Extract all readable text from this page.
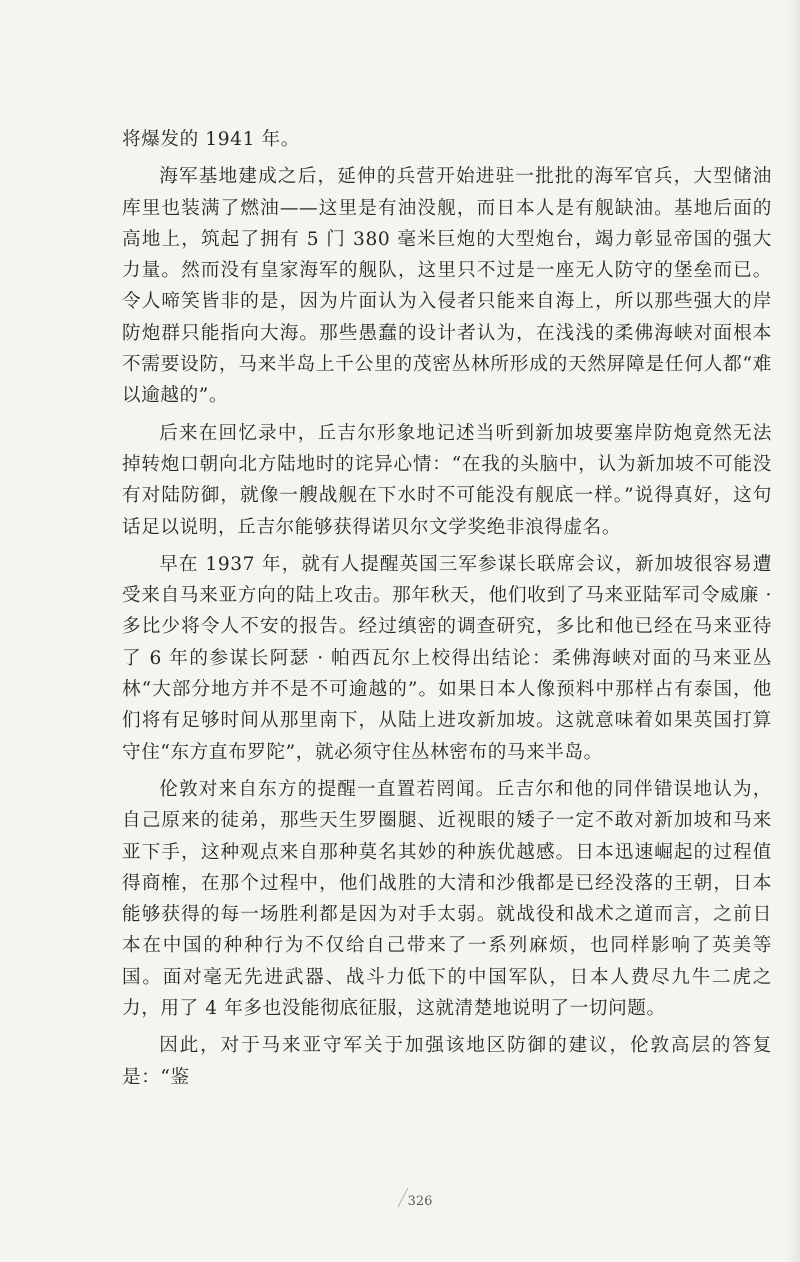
将爆发的 1941 年。

海军基地建成之后，延伸的兵营开始进驻一批批的海军官兵，大型储油库里也装满了燃油——这里是有油没舰，而日本人是有舰缺油。基地后面的高地上，筑起了拥有 5 门 380 毫米巨炮的大型炮台，竭力彰显帝国的强大力量。然而没有皇家海军的舰队，这里只不过是一座无人防守的堡垒而已。令人啼笑皆非的是，因为片面认为入侵者只能来自海上，所以那些强大的岸防炮群只能指向大海。那些愚蠢的设计者认为，在浅浅的柔佛海峡对面根本不需要设防，马来半岛上千公里的茂密丛林所形成的天然屏障是任何人都“难以逾越的”。

后来在回忆录中，丘吉尔形象地记述当听到新加坡要塞岸防炮竟然无法掉转炮口朝向北方陆地时的诧异心情：“在我的头脑中，认为新加坡不可能没有对陆防御，就像一艘战舰在下水时不可能没有舰底一样。”说得真好，这句话足以说明，丘吉尔能够获得诺贝尔文学奖绝非浪得虚名。

早在 1937 年，就有人提醒英国三军参谋长联席会议，新加坡很容易遭受来自马来亚方向的陆上攻击。那年秋天，他们收到了马来亚陆军司令威廉 · 多比少将令人不安的报告。经过缜密的调查研究，多比和他已经在马来亚待了 6 年的参谋长阿瑟 · 帕西瓦尔上校得出结论：柔佛海峡对面的马来亚丛林“大部分地方并不是不可逾越的”。如果日本人像预料中那样占有泰国，他们将有足够时间从那里南下，从陆上进攻新加坡。这就意味着如果英国打算守住“东方直布罗陀”，就必须守住丛林密布的马来半岛。

伦敦对来自东方的提醒一直置若罔闻。丘吉尔和他的同伴错误地认为，自己原来的徒弟，那些天生罗圈腿、近视眼的矮子一定不敢对新加坡和马来亚下手，这种观点来自那种莫名其妙的种族优越感。日本迅速崛起的过程值得商榷，在那个过程中，他们战胜的大清和沙俄都是已经没落的王朝，日本能够获得的每一场胜利都是因为对手太弱。就战役和战术之道而言，之前日本在中国的种种行为不仅给自己带来了一系列麻烦，也同样影响了英美等国。面对毫无先进武器、战斗力低下的中国军队，日本人费尽九牛二虎之力，用了 4 年多也没能彻底征服，这就清楚地说明了一切问题。

因此，对于马来亚守军关于加强该地区防御的建议，伦敦高层的答复是：“鉴

326
